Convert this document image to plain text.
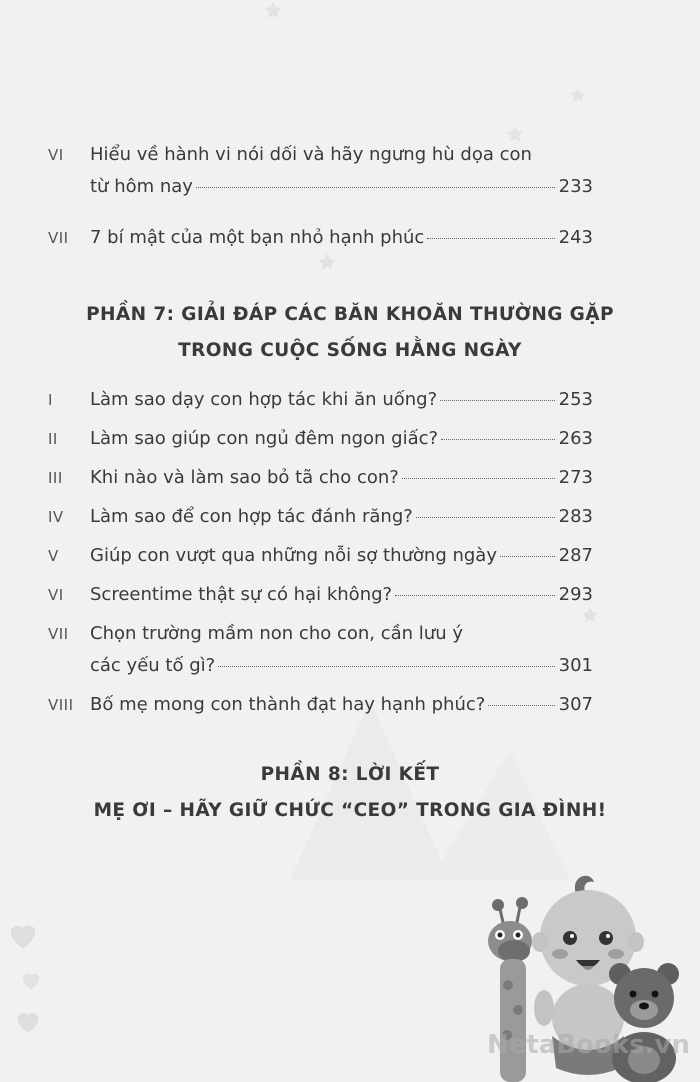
VI	Hiểu về hành vi nói dối và hãy ngưng hù dọa con
từ hôm nay	233
VII	7 bí mật của một bạn nhỏ hạnh phúc	243
PHẦN 7: GIẢI ĐÁP CÁC BĂN KHOĂN THƯỜNG GẶP
TRONG CUỘC SỐNG HẰNG NGÀY
I	Làm sao dạy con hợp tác khi ăn uống?	253
II	Làm sao giúp con ngủ đêm ngon giấc?	263
III	Khi nào và làm sao bỏ tã cho con?	273
IV	Làm sao để con hợp tác đánh răng?	283
V	Giúp con vượt qua những nỗi sợ thường ngày	287
VI	Screentime thật sự có hại không?	293
VII	Chọn trường mầm non cho con, cần lưu ý
các yếu tố gì?	301
VIII Bố mẹ mong con thành đạt hay hạnh phúc?	307
PHẦN 8: LỜI KẾT
MẸ ƠI – HÃY GIỮ CHỨC “CEO” TRONG GIA ĐÌNH!
NetaBooks.vn
